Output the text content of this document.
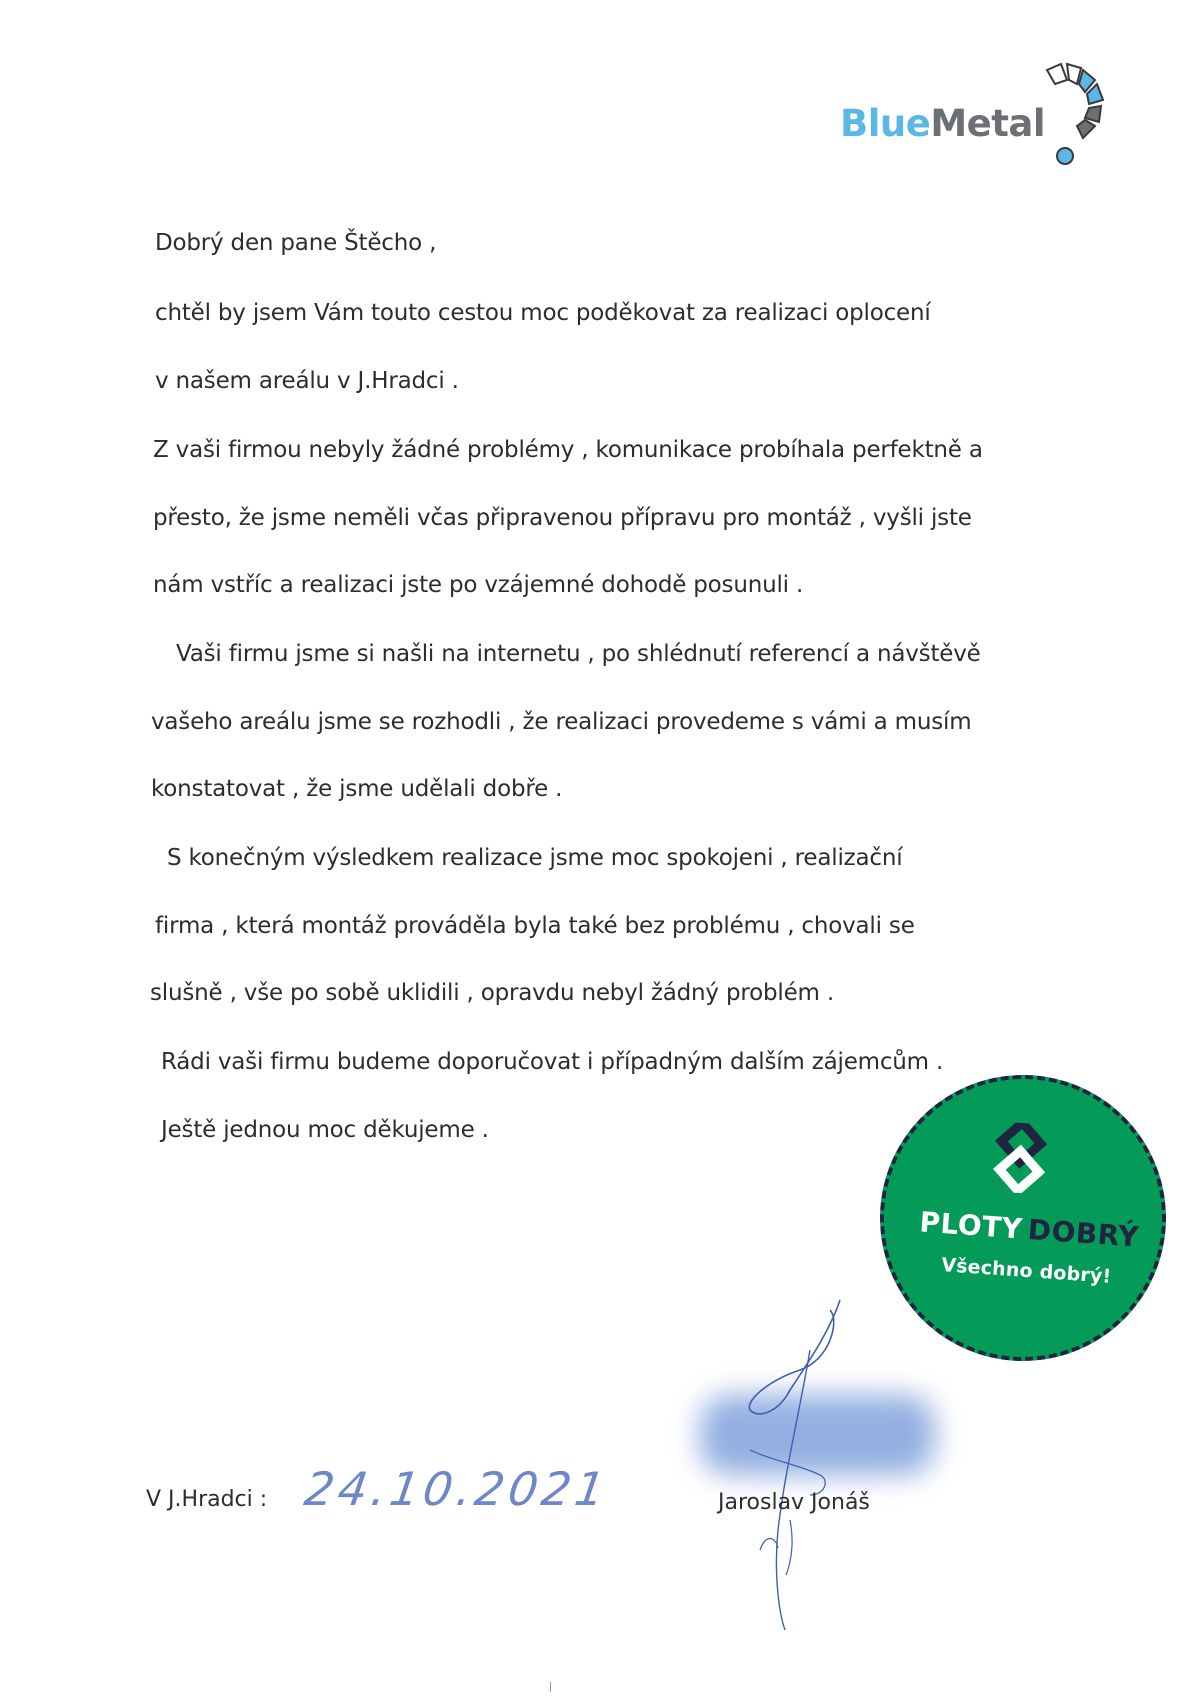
BlueMetal
Dobrý den pane Štěcho ,
chtěl by jsem Vám touto cestou moc poděkovat za realizaci oplocení
v našem areálu v J.Hradci .
Z vaši firmou nebyly žádné problémy , komunikace probíhala perfektně a
přesto, že jsme neměli včas připravenou přípravu pro montáž , vyšli jste
nám vstříc a realizaci jste po vzájemné dohodě posunuli .
Vaši firmu jsme si našli na internetu , po shlédnutí referencí a návštěvě
vašeho areálu jsme se rozhodli , že realizaci provedeme s vámi a musím
konstatovat , že jsme udělali dobře .
S konečným výsledkem realizace jsme moc spokojeni , realizační
firma , která montáž prováděla byla také bez problému , chovali se
slušně , vše po sobě uklidili , opravdu nebyl žádný problém .
Rádi vaši firmu budeme doporučovat i případným dalším zájemcům .
Ještě jednou moc děkujeme .
V J.Hradci : 24.10.2021	Jaroslav Jonáš
PLOTY DOBRÝ
Všechno dobrý!
